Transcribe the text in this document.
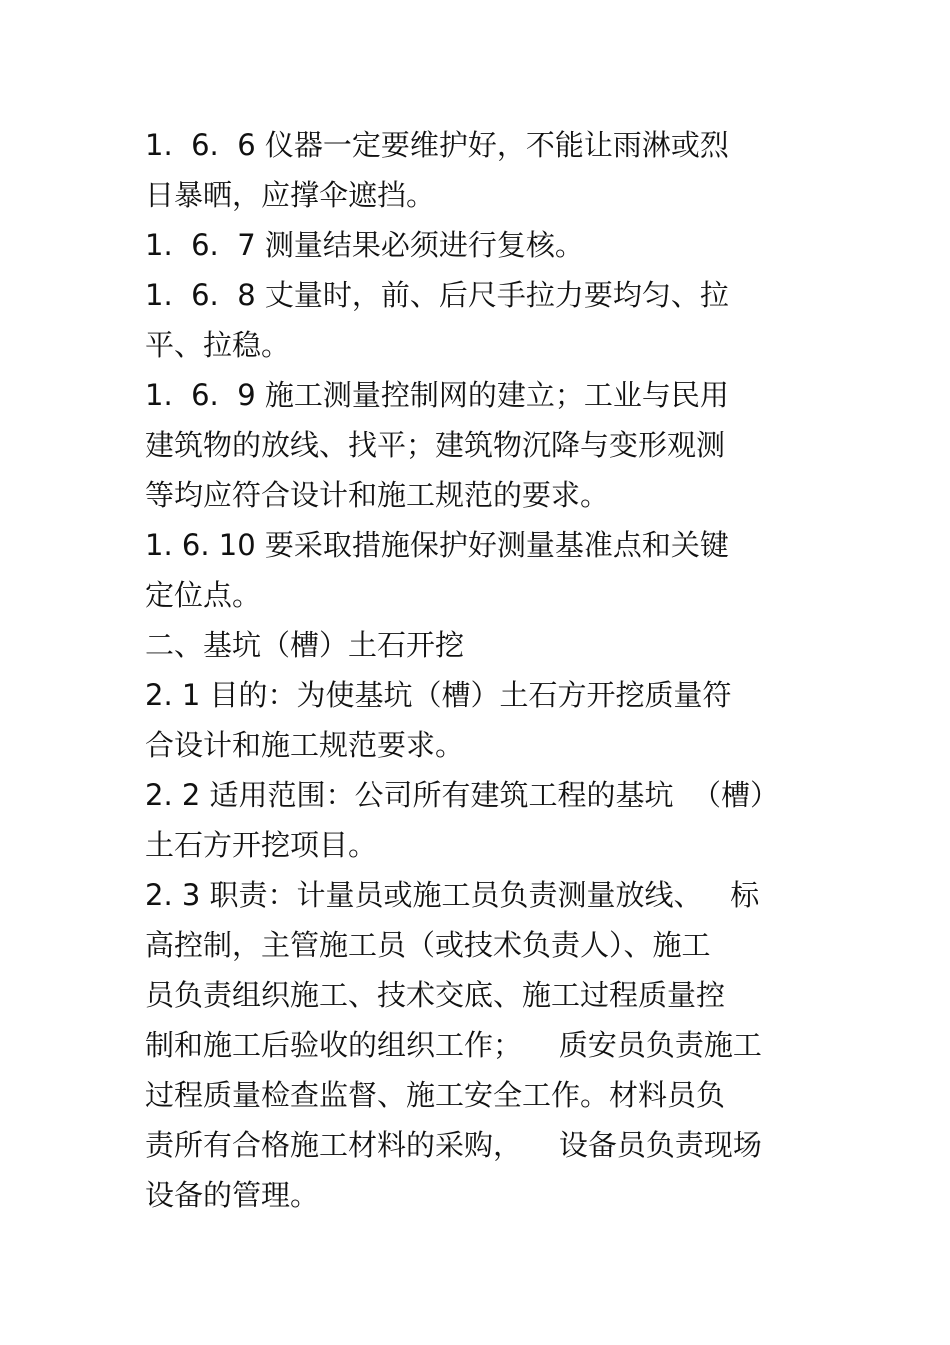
1.  6.  6 仪器一定要维护好，不能让雨淋或烈
日暴晒，应撑伞遮挡。
1.  6.  7 测量结果必须进行复核。
1.  6.  8 丈量时，前、后尺手拉力要均匀、拉
平、拉稳。
1.  6.  9 施工测量控制网的建立；工业与民用
建筑物的放线、找平；建筑物沉降与变形观测
等均应符合设计和施工规范的要求。
1. 6. 10 要采取措施保护好测量基准点和关键
定位点。
二、基坑（槽）土石开挖
2. 1 目的：为使基坑（槽）土石方开挖质量符
合设计和施工规范要求。
2. 2 适用范围：公司所有建筑工程的基坑  （槽）
土石方开挖项目。
2. 3 职责：计量员或施工员负责测量放线、   标
高控制，主管施工员（或技术负责人）、施工
员负责组织施工、技术交底、施工过程质量控
制和施工后验收的组织工作；    质安员负责施工
过程质量检查监督、施工安全工作。材料员负
责所有合格施工材料的采购，    设备员负责现场
设备的管理。
